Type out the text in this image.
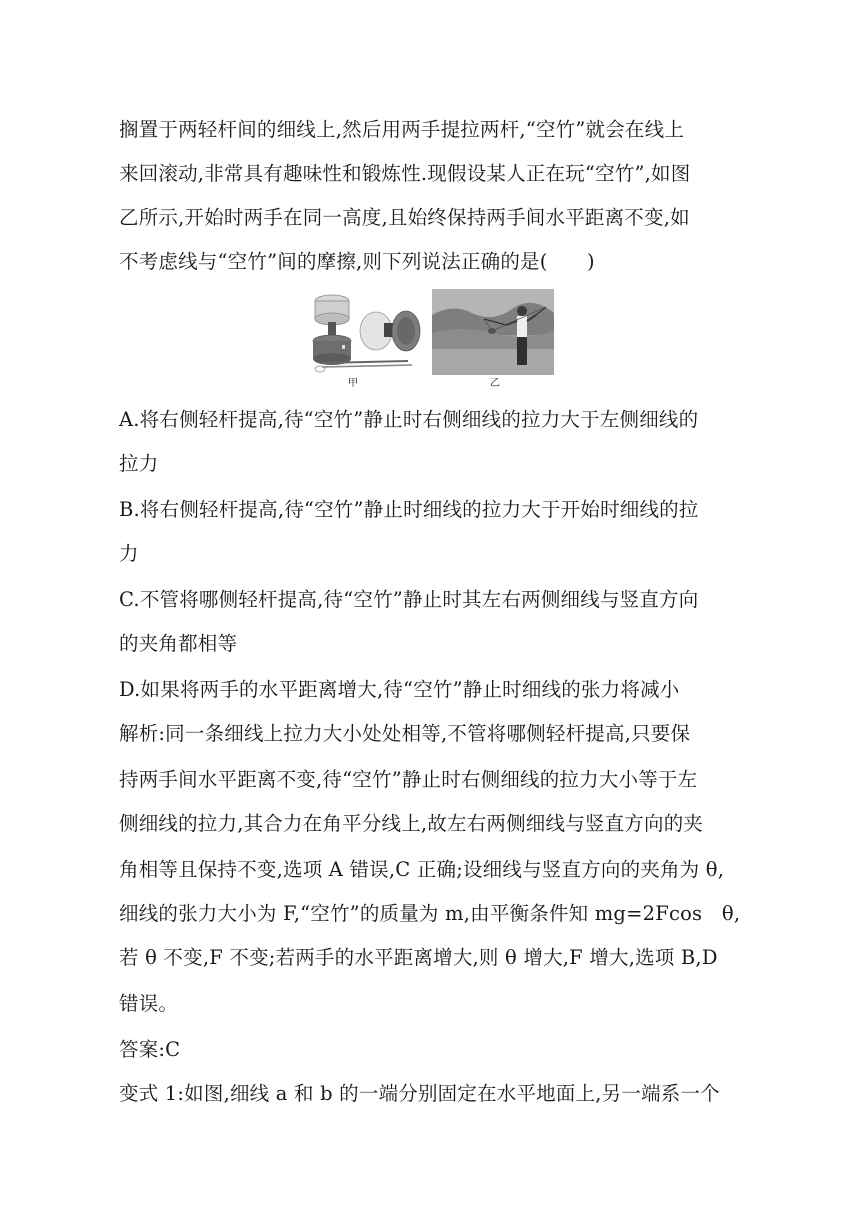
搁置于两轻杆间的细线上,然后用两手提拉两杆,“空竹”就会在线上
来回滚动,非常具有趣味性和锻炼性.现假设某人正在玩“空竹”,如图
乙所示,开始时两手在同一高度,且始终保持两手间水平距离不变,如
不考虑线与“空竹”间的摩擦,则下列说法正确的是(　　)
甲	乙
A.将右侧轻杆提高,待“空竹”静止时右侧细线的拉力大于左侧细线的
拉力
B.将右侧轻杆提高,待“空竹”静止时细线的拉力大于开始时细线的拉
力
C.不管将哪侧轻杆提高,待“空竹”静止时其左右两侧细线与竖直方向
的夹角都相等
D.如果将两手的水平距离增大,待“空竹”静止时细线的张力将减小
解析:同一条细线上拉力大小处处相等,不管将哪侧轻杆提高,只要保
持两手间水平距离不变,待“空竹”静止时右侧细线的拉力大小等于左
侧细线的拉力,其合力在角平分线上,故左右两侧细线与竖直方向的夹
角相等且保持不变,选项 A 错误,C 正确;设细线与竖直方向的夹角为 θ,
细线的张力大小为 F,“空竹”的质量为 m,由平衡条件知 mg=2Fcos　θ,
若 θ 不变,F 不变;若两手的水平距离增大,则 θ 增大,F 增大,选项 B,D
错误。
答案:C
变式 1:如图,细线 a 和 b 的一端分别固定在水平地面上,另一端系一个
